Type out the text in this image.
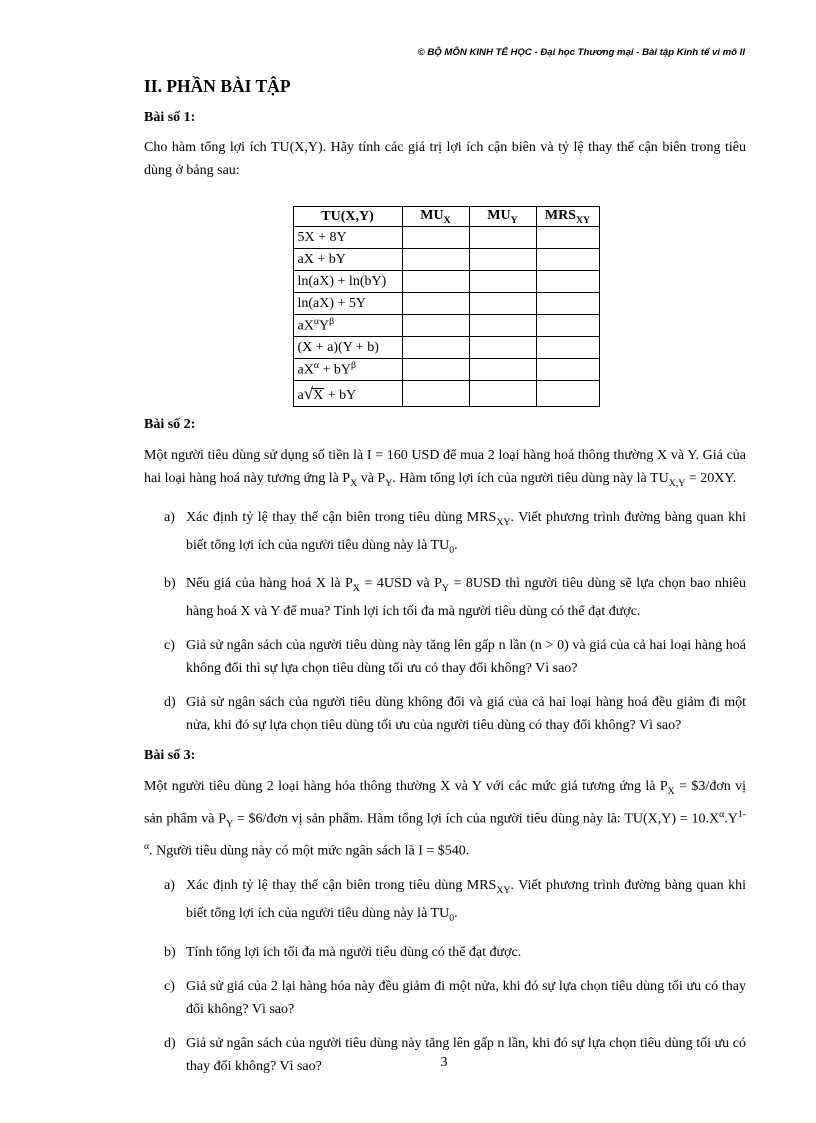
© BỘ MÔN KINH TẾ HỌC - Đại học Thương mại - Bài tập Kinh tế vi mô II
II. PHẦN BÀI TẬP
Bài số 1:

Cho hàm tổng lợi ích TU(X,Y). Hãy tính các giá trị lợi ích cận biên và tỷ lệ thay thế cận biên trong tiêu dùng ở bảng sau:

TU(X,Y)	$MU_X$	$MU_Y$	$MRS_{XY}$
5X + 8Y			
aX + bY			
ln(aX) + ln(bY)			
ln(aX) + 5Y			
$aX^\alpha Y^\beta$			
(X + a)(Y + b)			
$aX^\alpha + bY^\beta$			
a√X + bY			
Bài số 2:

Một người tiêu dùng sử dụng số tiền là I = 160 USD để mua 2 loại hàng hoá thông thường X và Y. Giá của hai loại hàng hoá này tương ứng là $P_X$ và $P_Y$. Hàm tổng lợi ích của người tiêu dùng này là $TU_{X,Y} = 20XY$.

a) Xác định tỷ lệ thay thế cận biên trong tiêu dùng $MRS_{XY}$. Viết phương trình đường bàng quan khi biết tổng lợi ích của người tiêu dùng này là $TU_0$.
b) Nếu giá của hàng hoá X là $P_X = 4USD$ và $P_Y = 8USD$ thì người tiêu dùng sẽ lựa chọn bao nhiêu hàng hoá X và Y để mua? Tính lợi ích tối đa mà người tiêu dùng có thể đạt được.
c) Giả sử ngân sách của người tiêu dùng này tăng lên gấp n lần (n > 0) và giá của cả hai loại hàng hoá không đổi thì sự lựa chọn tiêu dùng tối ưu có thay đổi không? Vì sao?
d) Giả sử ngân sách của người tiêu dùng không đổi và giá của cả hai loại hàng hoá đều giảm đi một nửa, khi đó sự lựa chọn tiêu dùng tối ưu của người tiêu dùng có thay đổi không? Vì sao?
Bài số 3:

Một người tiêu dùng 2 loại hàng hóa thông thường X và Y với các mức giá tương ứng là $P_X$ = $3/đơn vị sản phẩm và $P_Y$ = $6/đơn vị sản phẩm. Hàm tổng lợi ích của người tiêu dùng này là: $TU(X,Y) = 10.X^\alpha.Y^{1-\alpha}$. Người tiêu dùng này có một mức ngân sách là I = $540.

a) Xác định tỷ lệ thay thế cận biên trong tiêu dùng $MRS_{XY}$. Viết phương trình đường bàng quan khi biết tổng lợi ích của người tiêu dùng này là $TU_0$.
b) Tính tổng lợi ích tối đa mà người tiêu dùng có thể đạt được.
c) Giả sử giá của 2 lại hàng hóa này đều giảm đi một nửa, khi đó sự lựa chọn tiêu dùng tối ưu có thay đổi không? Vì sao?
d) Giả sử ngân sách của người tiêu dùng này tăng lên gấp n lần, khi đó sự lựa chọn tiêu dùng tối ưu có thay đổi không? Vì sao?	3
